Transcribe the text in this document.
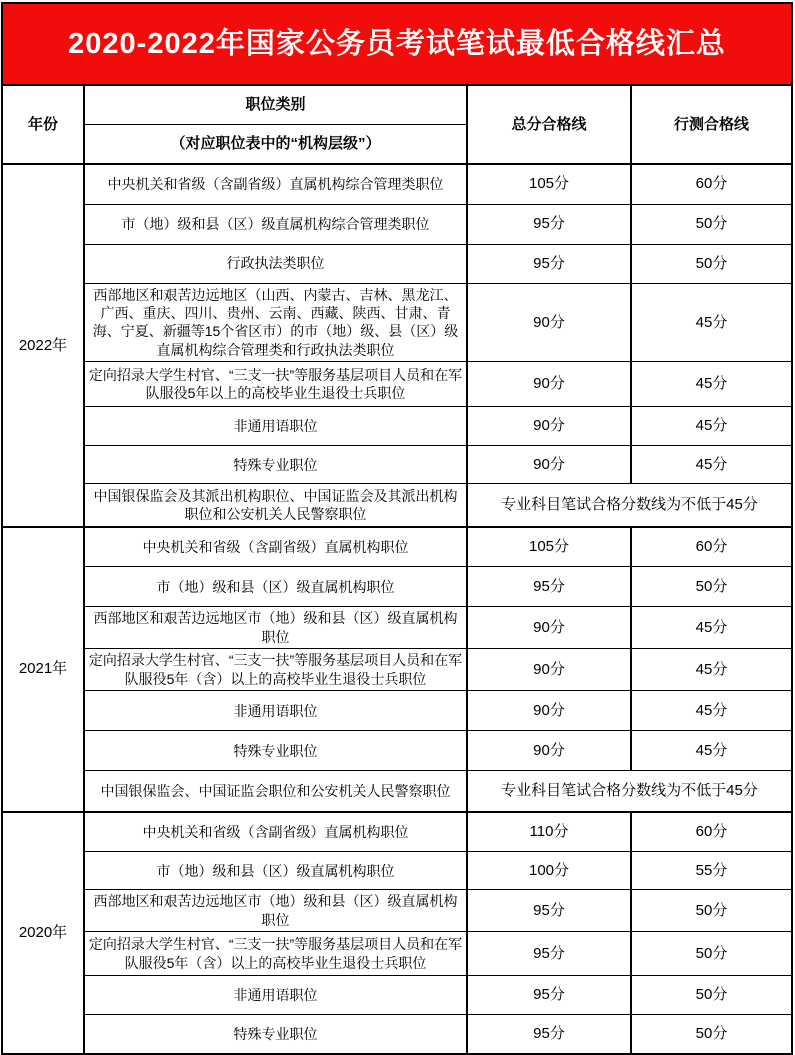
2020-2022年国家公务员考试笔试最低合格线汇总			
年份	职位类别	总分合格线	行测合格线
	（对应职位表中的“机构层级”）		
2022年	中央机关和省级（含副省级）直属机构综合管理类职位	105分	60分
	市（地）级和县（区）级直属机构综合管理类职位	95分	50分
	行政执法类职位	95分	50分
	西部地区和艰苦边远地区（山西、内蒙古、吉林、黑龙江、广西、重庆、四川、贵州、云南、西藏、陕西、甘肃、青海、宁夏、新疆等15个省区市）的市（地）级、县（区）级直属机构综合管理类和行政执法类职位	90分	45分
	定向招录大学生村官、“三支一扶”等服务基层项目人员和在军队服役5年以上的高校毕业生退役士兵职位	90分	45分
	非通用语职位	90分	45分
	特殊专业职位	90分	45分
	中国银保监会及其派出机构职位、中国证监会及其派出机构职位和公安机关人民警察职位	专业科目笔试合格分数线为不低于45分	
2021年	中央机关和省级（含副省级）直属机构职位	105分	60分
	市（地）级和县（区）级直属机构职位	95分	50分
	西部地区和艰苦边远地区市（地）级和县（区）级直属机构职位	90分	45分
	定向招录大学生村官、“三支一扶”等服务基层项目人员和在军队服役5年（含）以上的高校毕业生退役士兵职位	90分	45分
	非通用语职位	90分	45分
	特殊专业职位	90分	45分
	中国银保监会、中国证监会职位和公安机关人民警察职位	专业科目笔试合格分数线为不低于45分	
2020年	中央机关和省级（含副省级）直属机构职位	110分	60分
	市（地）级和县（区）级直属机构职位	100分	55分
	西部地区和艰苦边远地区市（地）级和县（区）级直属机构职位	95分	50分
	定向招录大学生村官、“三支一扶”等服务基层项目人员和在军队服役5年（含）以上的高校毕业生退役士兵职位	95分	50分
	非通用语职位	95分	50分
	特殊专业职位	95分	50分
